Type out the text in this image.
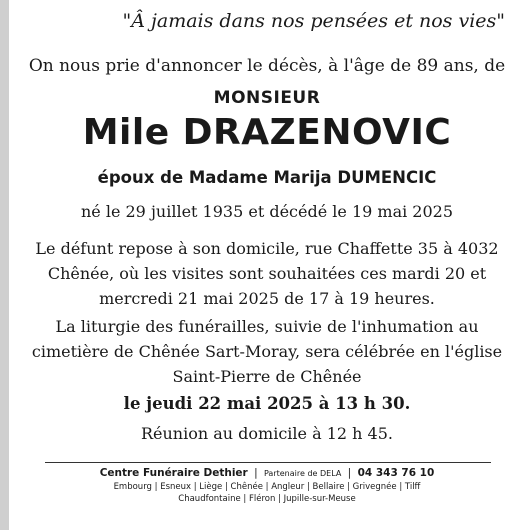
"Â jamais dans nos pensées et nos vies"
On nous prie d'annoncer le décès, à l'âge de 89 ans, de
MONSIEUR
Mile DRAZENOVIC
époux de Madame Marija DUMENCIC
né le 29 juillet 1935 et décédé le 19 mai 2025
Le défunt repose à son domicile, rue Chaffette 35 à 4032
Chênée, où les visites sont souhaitées ces mardi 20 et
mercredi 21 mai 2025 de 17 à 19 heures.
La liturgie des funérailles, suivie de l'inhumation au
cimetière de Chênée Sart-Moray, sera célébrée en l'église
Saint-Pierre de Chênée
le jeudi 22 mai 2025 à 13 h 30.
Réunion au domicile à 12 h 45.
Centre Funéraire Dethier | Partenaire de DELA | 04 343 76 10
Embourg | Esneux | Liège | Chênée | Angleur | Bellaire | Grivegnée | Tilff
Chaudfontaine | Fléron | Jupille-sur-Meuse
